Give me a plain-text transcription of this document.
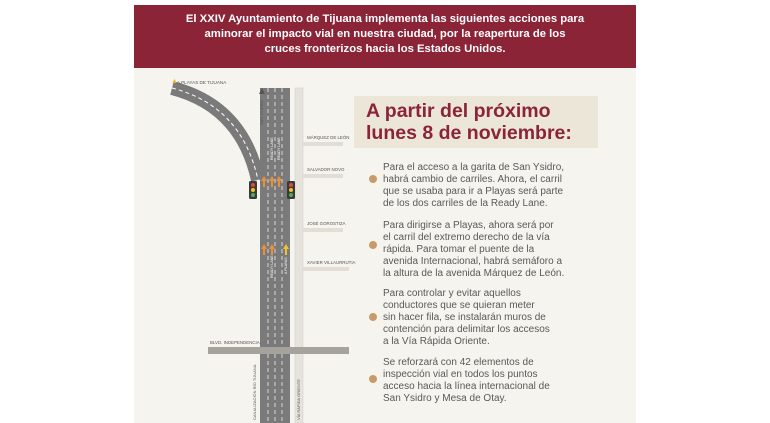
El XXIV Ayuntamiento de Tijuana implementa las siguientes acciones para
aminorar el impacto vial en nuestra ciudad, por la reapertura de los
cruces fronterizos hacia los Estados Unidos.
▲ A PLAYAS DE TIJUANA
SAN YSIDRO
MÁRQUEZ DE LEÓN
SALVADOR NOVO
JOSÉ GOROSTIZA
XAVIER VILLAURRUTIA
BLVD. INDEPENDENCIA
READY LANE READY LANE
READY LANE	A PLAYAS
CANALIZACIÓN RÍO TIJUANA	VÍA RÁPIDA ORIENTE
A partir del próximo
lunes 8 de noviembre:
Para el acceso a la garita de San Ysidro,
habrá cambio de carriles. Ahora, el carril
que se usaba para ir a Playas será parte
de los dos carriles de la Ready Lane.
Para dirigirse a Playas, ahora será por
el carril del extremo derecho de la vía
rápida. Para tomar el puente de la
avenida Internacional, habrá semáforo a
la altura de la avenida Márquez de León.
Para controlar y evitar aquellos
conductores que se quieran meter
sin hacer fila, se instalarán muros de
contención para delimitar los accesos
a la Vía Rápida Oriente.
Se reforzará con 42 elementos de
inspección vial en todos los puntos
acceso hacia la línea internacional de
San Ysidro y Mesa de Otay.
